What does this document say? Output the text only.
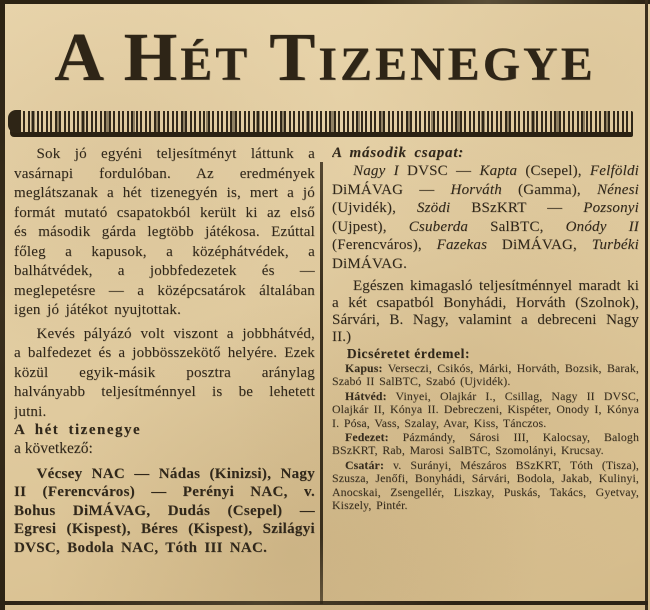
A Hét Tizenegye

Sok jó egyéni teljesítményt láttunk a vasárnapi fordulóban. Az eredmények meglátszanak a hét tizenegyén is, mert a jó formát mutató csapatokból került ki az első és második gárda legtöbb játékosa. Ezúttal főleg a kapusok, a középhátvédek, a balhátvédek, a jobbfedezetek és — meglepetésre — a középcsatárok általában igen jó játékot nyujtottak.

Kevés pályázó volt viszont a jobbhátvéd, a balfedezet és a jobbösszekötő helyére. Ezek közül egyik-másik posztra aránylag halványabb teljesítménnyel is be lehetett jutni.

A hét tizenegye

a következő:

Vécsey NAC — Nádas (Kinizsi), Nagy II (Ferencváros) — Perényi NAC, v. Bohus DiMÁVAG, Dudás (Csepel) — Egresi (Kispest), Béres (Kispest), Szilágyi DVSC, Bodola NAC, Tóth III NAC.

A második csapat:

Nagy I DVSC — Kapta (Csepel), Felföldi DiMÁVAG — Horváth (Gamma), Nénesi (Ujvidék), Szödi BSzKRT — Pozsonyi (Ujpest), Csuberda SalBTC, Onódy II (Ferencváros), Fazekas DiMÁVAG, Turbéki DiMÁVAG.

Egészen kimagasló teljesítménnyel maradt ki a két csapatból Bonyhádi, Horváth (Szolnok), Sárvári, B. Nagy, valamint a debreceni Nagy II.)

Dicséretet érdemel:

Kapus: Verseczi, Csikós, Márki, Horváth, Bozsik, Barak, Szabó II SalBTC, Szabó (Ujvidék).

Hátvéd: Vinyei, Olajkár I., Csillag, Nagy II DVSC, Olajkár II, Kónya II. Debreczeni, Kispéter, Onody I, Kónya I. Pósa, Vass, Szalay, Avar, Kiss, Tánczos.

Fedezet: Pázmándy, Sárosi III, Kalocsay, Balogh BSzKRT, Rab, Marosi SalBTC, Szomolányi, Krucsay.

Csatár: v. Surányi, Mészáros BSzKRT, Tóth (Tisza), Szusza, Jenőfi, Bonyhádi, Sárvári, Bodola, Jakab, Kulinyi, Anocskai, Zsengellér, Liszkay, Puskás, Takács, Gyetvay, Kiszely, Pintér.
